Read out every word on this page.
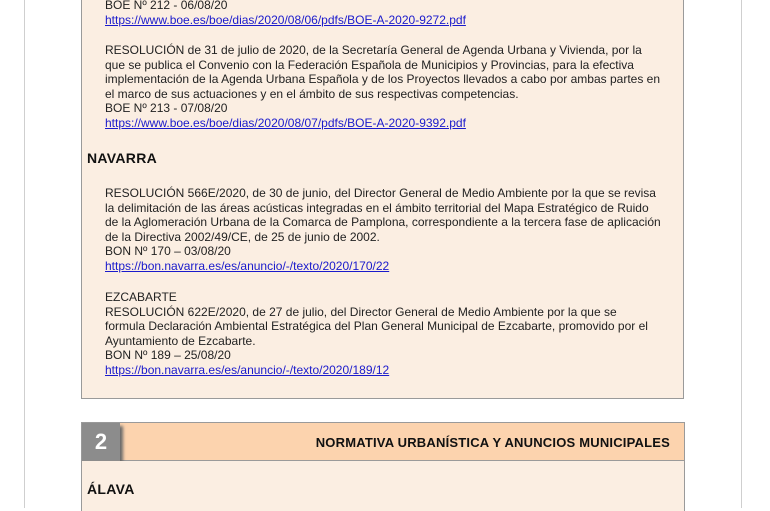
BOE Nº 212 - 06/08/20
https://www.boe.es/boe/dias/2020/08/06/pdfs/BOE-A-2020-9272.pdf
RESOLUCIÓN de 31 de julio de 2020, de la Secretaría General de Agenda Urbana y Vivienda, por la
que se publica el Convenio con la Federación Española de Municipios y Provincias, para la efectiva
implementación de la Agenda Urbana Española y de los Proyectos llevados a cabo por ambas partes en
el marco de sus actuaciones y en el ámbito de sus respectivas competencias.
BOE Nº 213 - 07/08/20
https://www.boe.es/boe/dias/2020/08/07/pdfs/BOE-A-2020-9392.pdf
NAVARRA
RESOLUCIÓN 566E/2020, de 30 de junio, del Director General de Medio Ambiente por la que se revisa
la delimitación de las áreas acústicas integradas en el ámbito territorial del Mapa Estratégico de Ruido
de la Aglomeración Urbana de la Comarca de Pamplona, correspondiente a la tercera fase de aplicación
de la Directiva 2002/49/CE, de 25 de junio de 2002.
BON Nº 170 – 03/08/20
https://bon.navarra.es/es/anuncio/-/texto/2020/170/22
EZCABARTE
RESOLUCIÓN 622E/2020, de 27 de julio, del Director General de Medio Ambiente por la que se
formula Declaración Ambiental Estratégica del Plan General Municipal de Ezcabarte, promovido por el
Ayuntamiento de Ezcabarte.
BON Nº 189 – 25/08/20
https://bon.navarra.es/es/anuncio/-/texto/2020/189/12
2	NORMATIVA URBANÍSTICA Y ANUNCIOS MUNICIPALES
ÁLAVA
